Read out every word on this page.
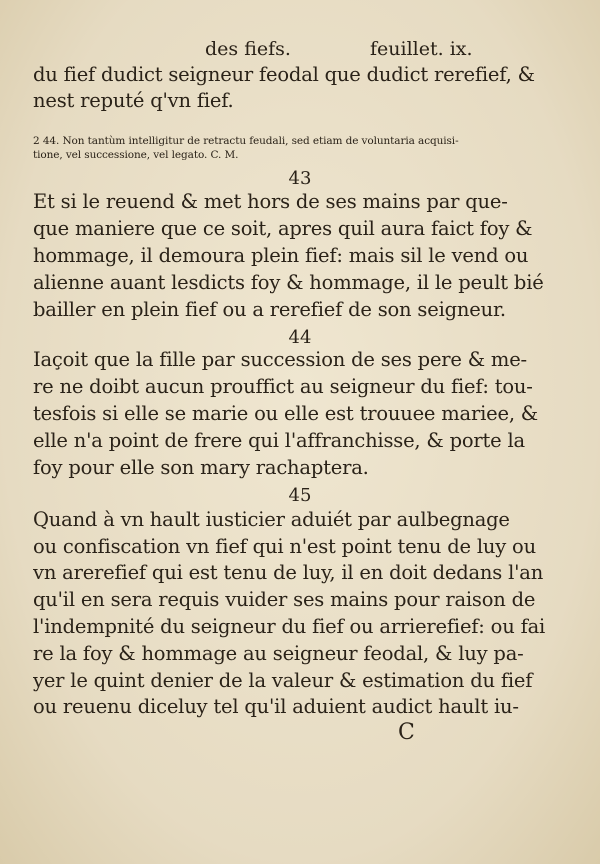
des fiefs.	feuillet. ix.
du fief dudict seigneur feodal que dudict rerefief, &
nest reputé q'vn fief.
2 44. Non tantùm intelligitur de retractu feudali, sed etiam de voluntaria acquisi-
tione, vel successione, vel legato. C. M.
43
Et si le reuend & met hors de ses mains par que-
que maniere que ce soit, apres quil aura faict foy &
hommage, il demoura plein fief: mais sil le vend ou
alienne auant lesdicts foy & hommage, il le peult bié
bailler en plein fief ou a rerefief de son seigneur.
44
Iaçoit que la fille par succession de ses pere & me-
re ne doibt aucun prouffict au seigneur du fief: tou-
tesfois si elle se marie ou elle est trouuee mariee, &
elle n'a point de frere qui l'affranchisse, & porte la
foy pour elle son mary rachaptera.
45
Quand à vn hault iusticier aduiét par aulbegnage
ou confiscation vn fief qui n'est point tenu de luy ou
vn arerefief qui est tenu de luy, il en doit dedans l'an
qu'il en sera requis vuider ses mains pour raison de
l'indempnité du seigneur du fief ou arrierefief: ou fai
re la foy & hommage au seigneur feodal, & luy pa-
yer le quint denier de la valeur & estimation du fief
ou reuenu diceluy tel qu'il aduient audict hault iu-
C
